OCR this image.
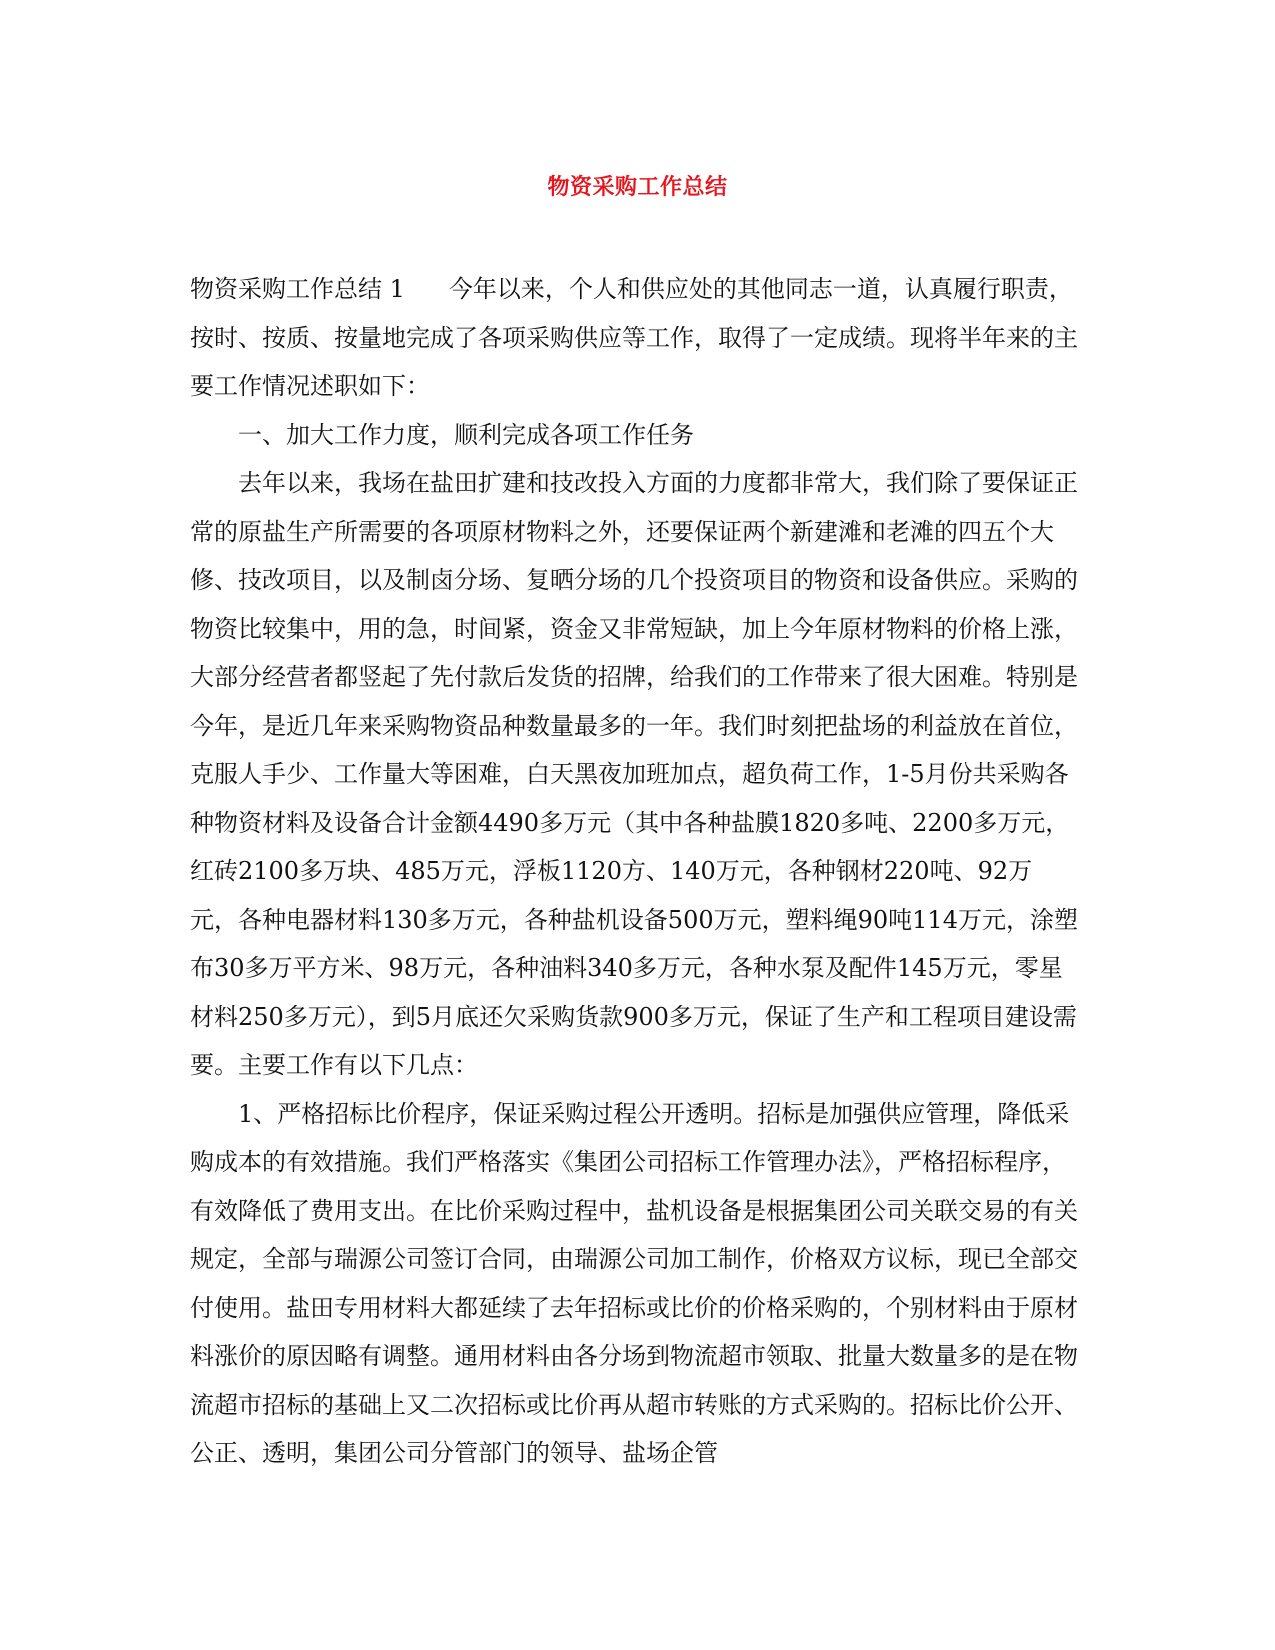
物资采购工作总结

物资采购工作总结 1 今年以来，个人和供应处的其他同志一道，认真履行职责，按时、按质、按量地完成了各项采购供应等工作，取得了一定成绩。现将半年来的主要工作情况述职如下：

一、加大工作力度，顺利完成各项工作任务

去年以来，我场在盐田扩建和技改投入方面的力度都非常大，我们除了要保证正常的原盐生产所需要的各项原材物料之外，还要保证两个新建滩和老滩的四五个大修、技改项目，以及制卤分场、复晒分场的几个投资项目的物资和设备供应。采购的物资比较集中，用的急，时间紧，资金又非常短缺，加上今年原材物料的价格上涨，大部分经营者都竖起了先付款后发货的招牌，给我们的工作带来了很大困难。特别是今年，是近几年来采购物资品种数量最多的一年。我们时刻把盐场的利益放在首位，克服人手少、工作量大等困难，白天黑夜加班加点，超负荷工作，1-5月份共采购各种物资材料及设备合计金额4490多万元（其中各种盐膜1820多吨、2200多万元，红砖2100多万块、485万元，浮板1120方、140万元，各种钢材220吨、92万元，各种电器材料130多万元，各种盐机设备500万元，塑料绳90吨114万元，涂塑布30多万平方米、98万元，各种油料340多万元，各种水泵及配件145万元，零星材料250多万元），到5月底还欠采购货款900多万元，保证了生产和工程项目建设需要。主要工作有以下几点：

1、严格招标比价程序，保证采购过程公开透明。招标是加强供应管理，降低采购成本的有效措施。我们严格落实《集团公司招标工作管理办法》，严格招标程序，有效降低了费用支出。在比价采购过程中，盐机设备是根据集团公司关联交易的有关规定，全部与瑞源公司签订合同，由瑞源公司加工制作，价格双方议标，现已全部交付使用。盐田专用材料大都延续了去年招标或比价的价格采购的，个别材料由于原材料涨价的原因略有调整。通用材料由各分场到物流超市领取、批量大数量多的是在物流超市招标的基础上又二次招标或比价再从超市转账的方式采购的。招标比价公开、公正、透明，集团公司分管部门的领导、盐场企管
